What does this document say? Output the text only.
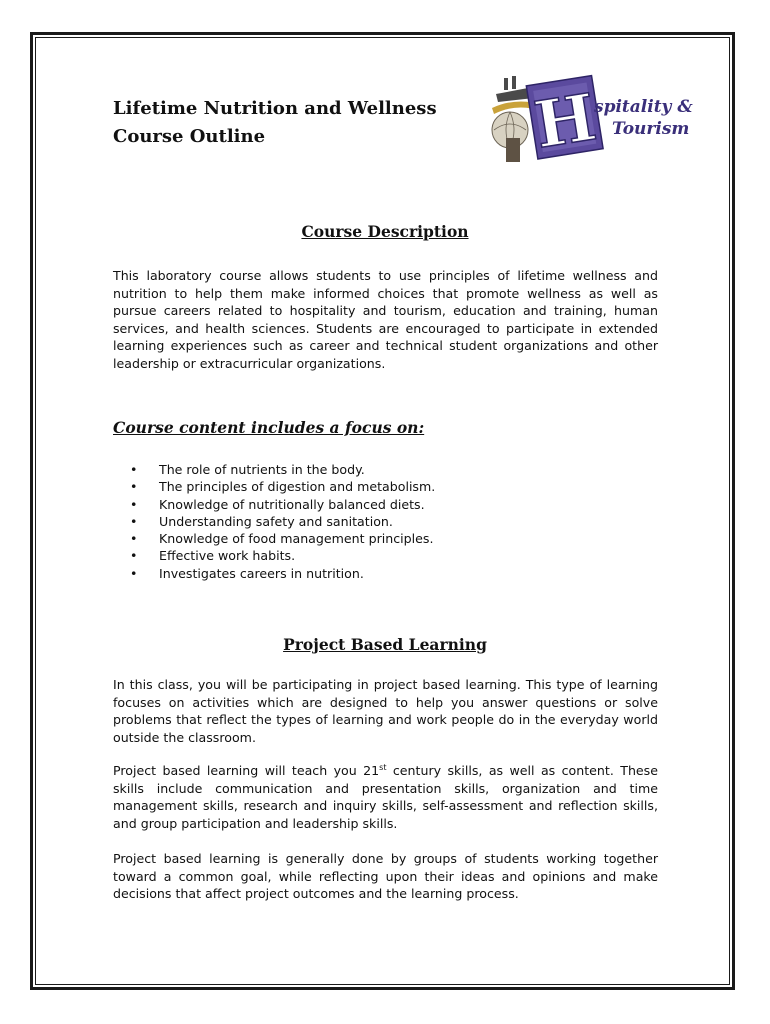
Lifetime Nutrition and Wellness
Course Outline	H
spitality &
Tourism
Course Description

This laboratory course allows students to use principles of lifetime wellness and nutrition to help them make informed choices that promote wellness as well as pursue careers related to hospitality and tourism, education and training, human services, and health sciences. Students are encouraged to participate in extended learning experiences such as career and technical student organizations and other leadership or extracurricular organizations.

Course content includes a focus on:
• The role of nutrients in the body.
• The principles of digestion and metabolism.
• Knowledge of nutritionally balanced diets.
• Understanding safety and sanitation.
• Knowledge of food management principles.
• Effective work habits.
• Investigates careers in nutrition.
Project Based Learning

In this class, you will be participating in project based learning. This type of learning focuses on activities which are designed to help you answer questions or solve problems that reflect the types of learning and work people do in the everyday world outside the classroom.

Project based learning will teach you 21st century skills, as well as content. These skills include communication and presentation skills, organization and time management skills, research and inquiry skills, self-assessment and reflection skills, and group participation and leadership skills.

Project based learning is generally done by groups of students working together toward a common goal, while reflecting upon their ideas and opinions and make decisions that affect project outcomes and the learning process.
